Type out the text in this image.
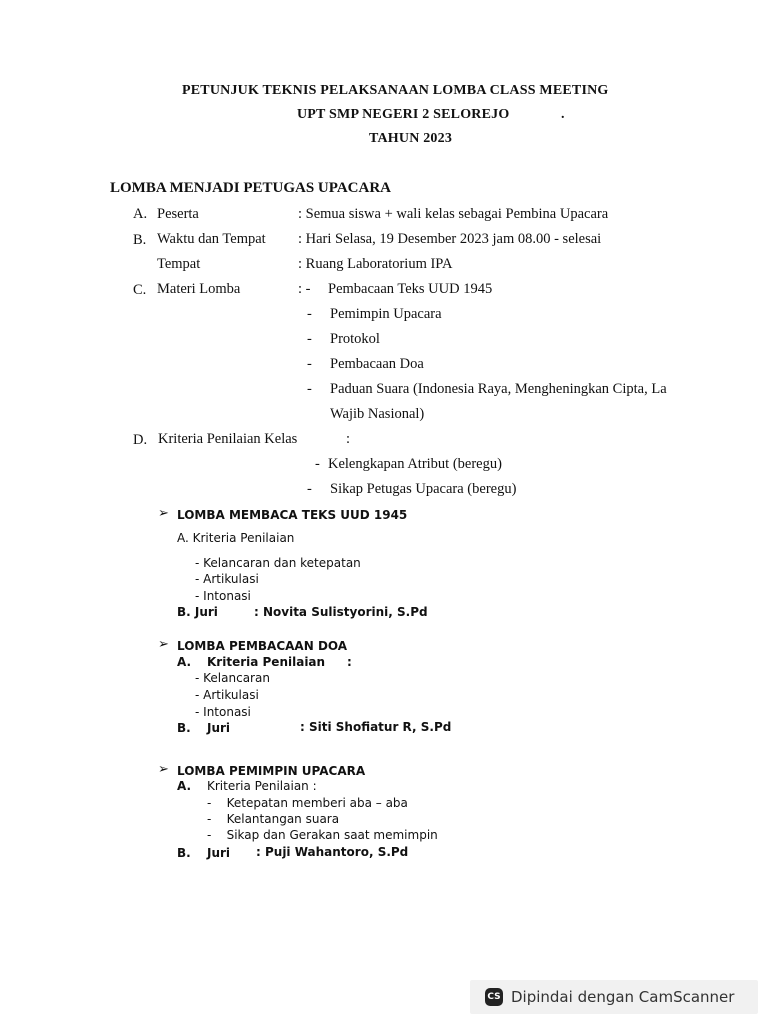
PETUNJUK TEKNIS PELAKSANAAN LOMBA CLASS MEETING
UPT SMP NEGERI 2 SELOREJO	.
TAHUN 2023
LOMBA MENJADI PETUGAS UPACARA
A. Peserta	: Semua siswa + wali kelas sebagai Pembina Upacara
B. Waktu dan Tempat : Hari Selasa, 19 Desember 2023 jam 08.00 - selesai
Tempat	: Ruang Laboratorium IPA
C. Materi Lomba	: - Pembacaan Teks UUD 1945
- Pemimpin Upacara
- Protokol
- Pembacaan Doa
- Paduan Suara (Indonesia Raya, Mengheningkan Cipta, La
Wajib Nasional)
D. Kriteria Penilaian Kelas	:
- Kelengkapan Atribut (beregu)
- Sikap Petugas Upacara (beregu)
➢ LOMBA MEMBACA TEKS UUD 1945
A. Kriteria Penilaian
- Kelancaran dan ketepatan
- Artikulasi
- Intonasi
B. Juri	: Novita Sulistyorini, S.Pd
➢ LOMBA PEMBACAAN DOA
A. Kriteria Penilaian :
- Kelancaran
- Artikulasi
- Intonasi
B. Juri	: Siti Shofiatur R, S.Pd
➢ LOMBA PEMIMPIN UPACARA
A. Kriteria Penilaian :
-    Ketepatan memberi aba – aba
-    Kelantangan suara
-    Sikap dan Gerakan saat memimpin
B. Juri : Puji Wahantoro, S.Pd
CS Dipindai dengan CamScanner
